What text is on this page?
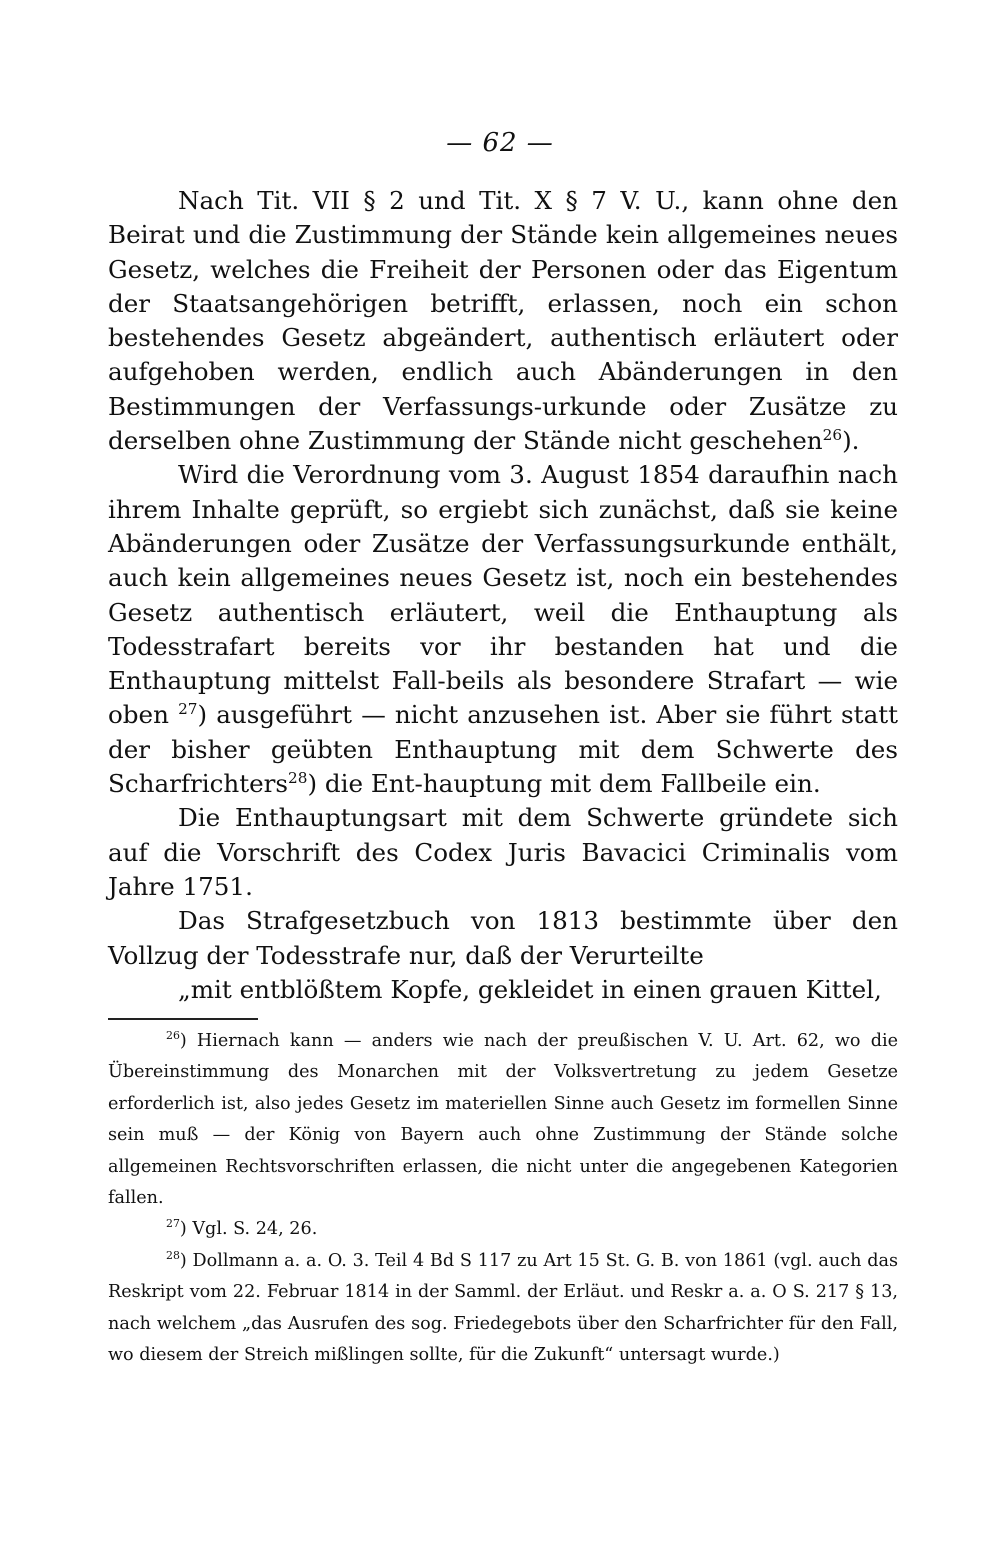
— 62 —

Nach Tit. VII § 2 und Tit. X § 7 V. U., kann ohne den Beirat und die Zustimmung der Stände kein allgemeines neues Gesetz, welches die Freiheit der Personen oder das Eigentum der Staatsangehörigen betrifft, erlassen, noch ein schon bestehendes Gesetz abgeändert, authentisch erläutert oder aufgehoben werden, endlich auch Abänderungen in den Bestimmungen der Verfassungs-urkunde oder Zusätze zu derselben ohne Zustimmung der Stände nicht geschehen$^{26}$).

Wird die Verordnung vom 3. August 1854 daraufhin nach ihrem Inhalte geprüft, so ergiebt sich zunächst, daß sie keine Abänderungen oder Zusätze der Verfassungsurkunde enthält, auch kein allgemeines neues Gesetz ist, noch ein bestehendes Gesetz authentisch erläutert, weil die Enthauptung als Todesstrafart bereits vor ihr bestanden hat und die Enthauptung mittelst Fall-beils als besondere Strafart — wie oben $^{27}$) ausgeführt — nicht anzusehen ist. Aber sie führt statt der bisher geübten Enthauptung mit dem Schwerte des Scharfrichters$^{28}$) die Ent-hauptung mit dem Fallbeile ein.

Die Enthauptungsart mit dem Schwerte gründete sich auf die Vorschrift des Codex Juris Bavacici Criminalis vom Jahre 1751.

Das Strafgesetzbuch von 1813 bestimmte über den Vollzug der Todesstrafe nur, daß der Verurteilte

„mit entblößtem Kopfe, gekleidet in einen grauen Kittel,

$^{26}$) Hiernach kann — anders wie nach der preußischen V. U. Art. 62, wo die Übereinstimmung des Monarchen mit der Volksvertretung zu jedem Gesetze erforderlich ist, also jedes Gesetz im materiellen Sinne auch Gesetz im formellen Sinne sein muß — der König von Bayern auch ohne Zustimmung der Stände solche allgemeinen Rechtsvorschriften erlassen, die nicht unter die angegebenen Kategorien fallen.

$^{27}$) Vgl. S. 24, 26.

$^{28}$) Dollmann a. a. O. 3. Teil 4 Bd S 117 zu Art 15 St. G. B. von 1861 (vgl. auch das Reskript vom 22. Februar 1814 in der Samml. der Erläut. und Reskr a. a. O S. 217 § 13, nach welchem „das Ausrufen des sog. Friedegebots über den Scharfrichter für den Fall, wo diesem der Streich mißlingen sollte, für die Zukunft“ untersagt wurde.)
